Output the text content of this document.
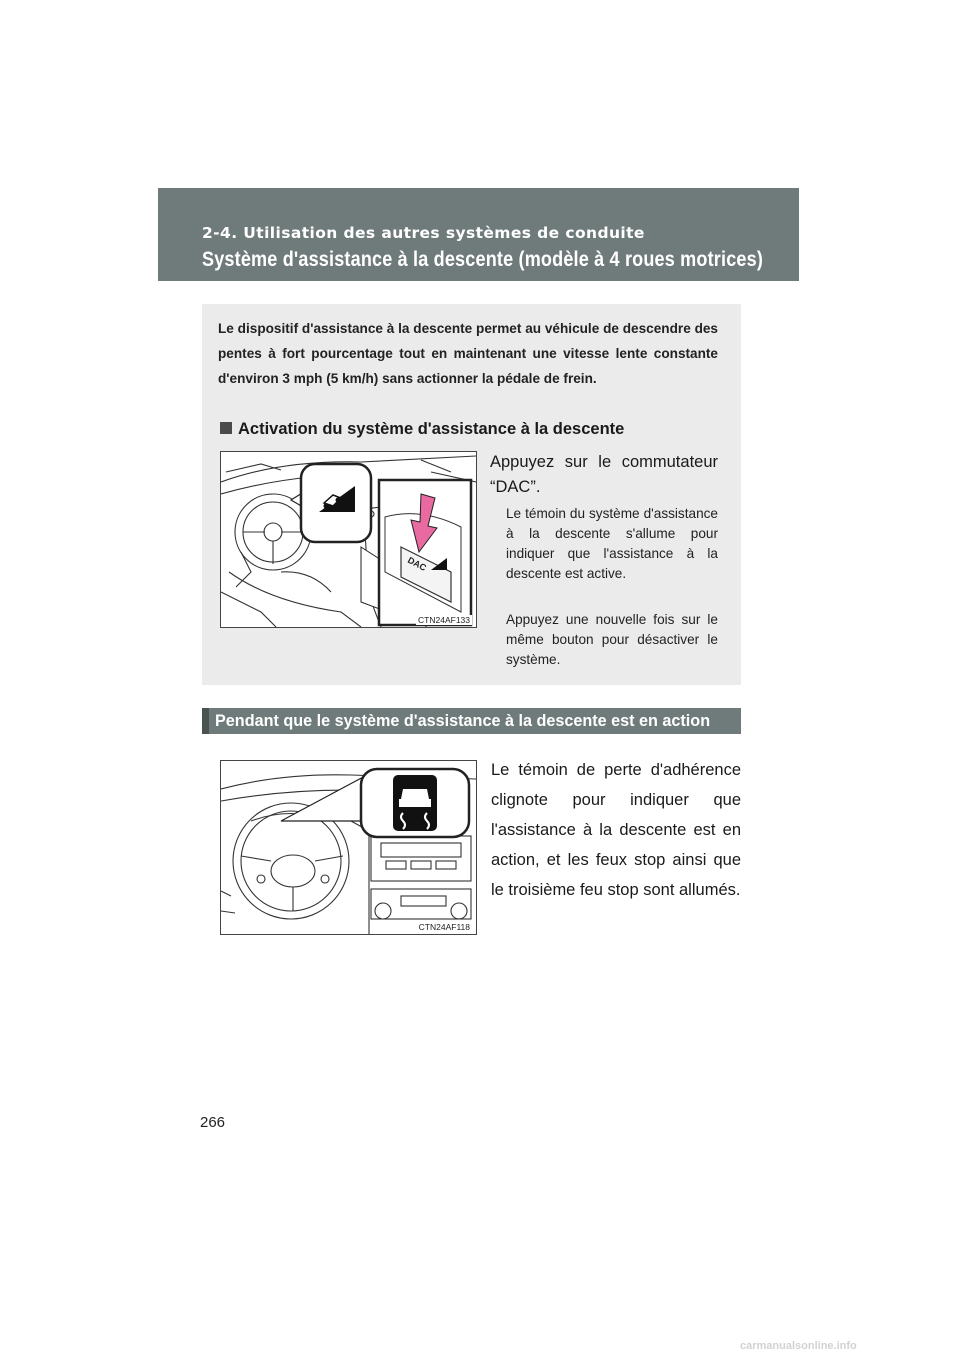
2-4. Utilisation des autres systèmes de conduite
Système d'assistance à la descente (modèle à 4 roues motrices)
Le dispositif d'assistance à la descente permet au véhicule de descendre des pentes à fort pourcentage tout en maintenant une vitesse lente constante d'environ 3 mph (5 km/h) sans actionner la pédale de frein.
Activation du système d'assistance à la descente
DAC
CTN24AF133
Appuyez sur le commutateur “DAC”.
Le témoin du système d'assistance à la descente s'allume pour indiquer que l'assistance à la descente est active.
Appuyez une nouvelle fois sur le même bouton pour désactiver le système.
Pendant que le système d'assistance à la descente est en action
CTN24AF118
Le témoin de perte d'adhérence clignote pour indiquer que l'assistance à la descente est en action, et les feux stop ainsi que le troisième feu stop sont allumés.
266
carmanualsonline.info
